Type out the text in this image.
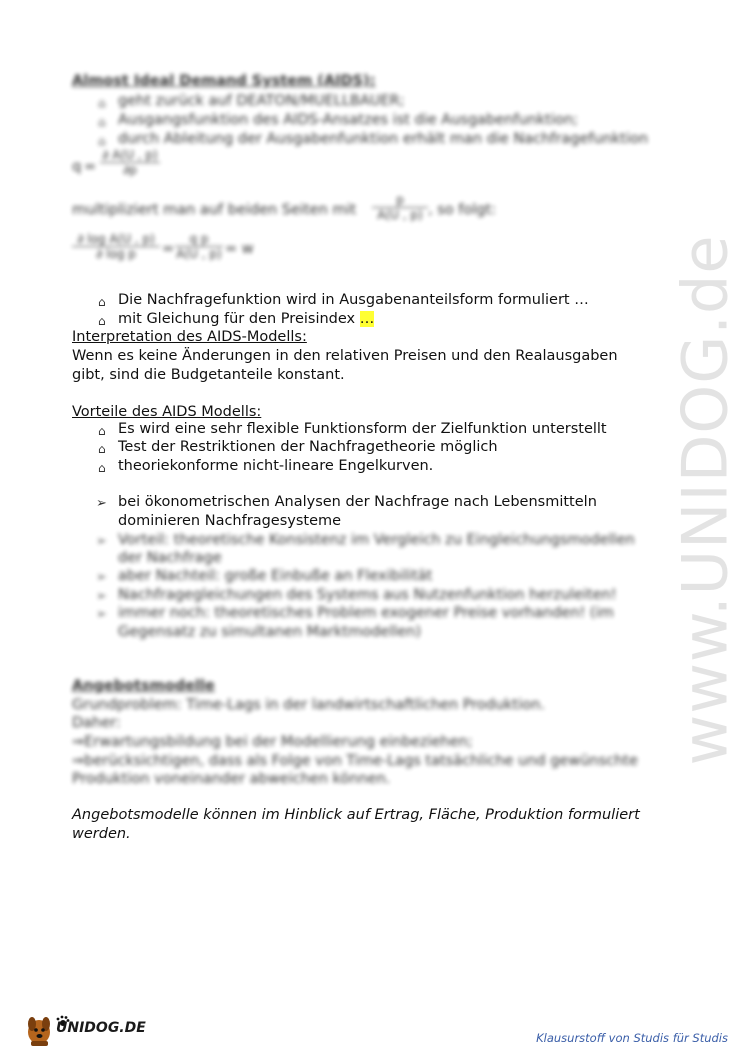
www.UNIDOG.de
Almost Ideal Demand System (AIDS):
⌂ geht zurück auf DEATON/MUELLBAUER;
⌂ Ausgangsfunktion des AIDS-Ansatzes ist die Ausgabenfunktion;
⌂ durch Ableitung der Ausgabenfunktion erhält man die Nachfragefunktion
$q = \frac{\partial A(U , p)}{\partial p}$
multipliziert man auf beiden Seiten mit $\frac{p}{A(U , p)}$ , so folgt:
$\frac{\text{∂ log A(U , p)}}{\text{∂ log p}} = \frac{\text{q p}}{A(U , p)} = w$
⌂ Die Nachfragefunktion wird in Ausgabenanteilsform formuliert …
⌂ mit Gleichung für den Preisindex …
Interpretation des AIDS-Modells:
Wenn es keine Änderungen in den relativen Preisen und den Realausgaben
gibt, sind die Budgetanteile konstant.
Vorteile des AIDS Modells:
⌂ Es wird eine sehr flexible Funktionsform der Zielfunktion unterstellt
⌂ Test der Restriktionen der Nachfragetheorie möglich
⌂ theoriekonforme nicht-lineare Engelkurven.
➢ bei ökonometrischen Analysen der Nachfrage nach Lebensmitteln
dominieren Nachfragesysteme
➢ Vorteil: theoretische Konsistenz im Vergleich zu Eingleichungsmodellen
der Nachfrage
➢ aber Nachteil: große Einbuße an Flexibilität
➢ Nachfragegleichungen des Systems aus Nutzenfunktion herzuleiten!
➢ immer noch: theoretisches Problem exogener Preise vorhanden! (im
Gegensatz zu simultanen Marktmodellen)
Angebotsmodelle
Grundproblem: Time-Lags in der landwirtschaftlichen Produktion.
Daher:
⇒Erwartungsbildung bei der Modellierung einbeziehen;
⇒berücksichtigen, dass als Folge von Time-Lags tatsächliche und gewünschte
Produktion voneinander abweichen können.
Angebotsmodelle können im Hinblick auf Ertrag, Fläche, Produktion formuliert
werden.
UNIDOG.DE
Klausurstoff von Studis für Studis
